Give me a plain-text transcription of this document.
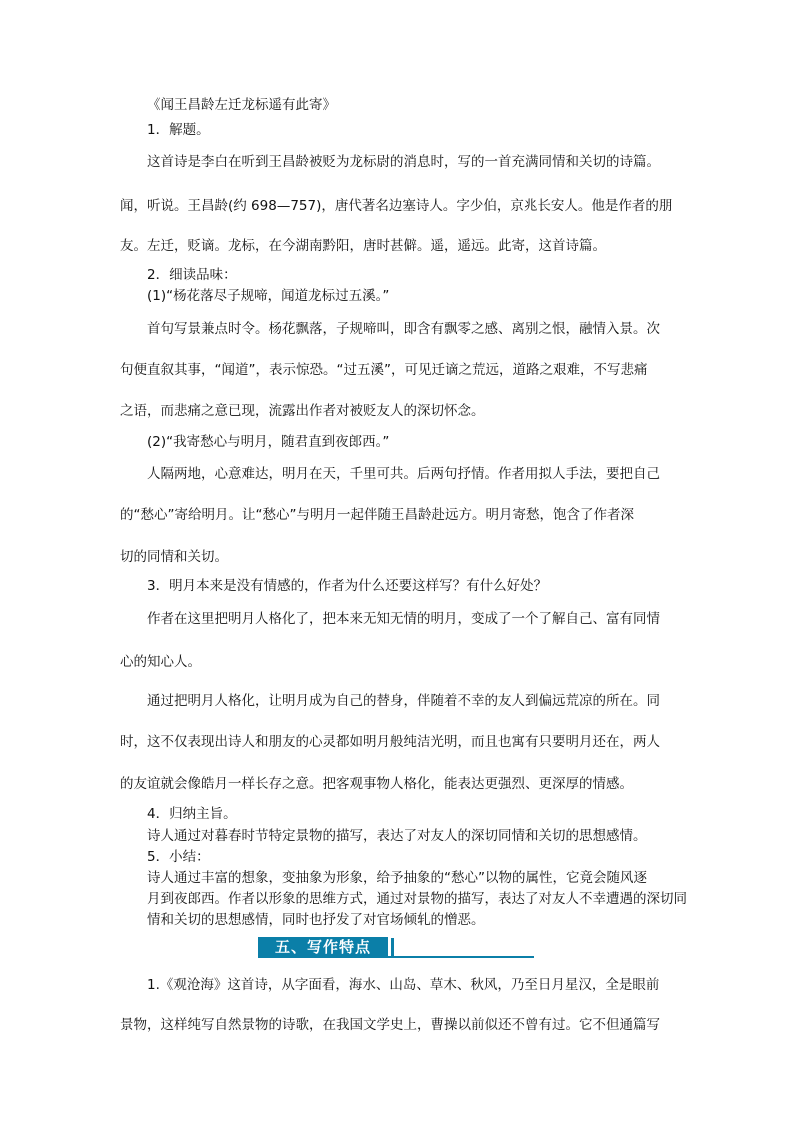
《闻王昌龄左迁龙标遥有此寄》
1．解题。
这首诗是李白在听到王昌龄被贬为龙标尉的消息时，写的一首充满同情和关切的诗篇。
闻，听说。王昌龄(约 698—757)，唐代著名边塞诗人。字少伯，京兆长安人。他是作者的朋
友。左迁，贬谪。龙标，在今湖南黔阳，唐时甚僻。遥，遥远。此寄，这首诗篇。
2．细读品味：
(1)“杨花落尽子规啼，闻道龙标过五溪。”
首句写景兼点时令。杨花飘落，子规啼叫，即含有飘零之感、离别之恨，融情入景。次
句便直叙其事，“闻道”，表示惊恐。“过五溪”，可见迁谪之荒远，道路之艰难，不写悲痛
之语，而悲痛之意已现，流露出作者对被贬友人的深切怀念。
(2)“我寄愁心与明月，随君直到夜郎西。”
人隔两地，心意难达，明月在天，千里可共。后两句抒情。作者用拟人手法，要把自己
的“愁心”寄给明月。让“愁心”与明月一起伴随王昌龄赴远方。明月寄愁，饱含了作者深
切的同情和关切。
3．明月本来是没有情感的，作者为什么还要这样写？有什么好处？
作者在这里把明月人格化了，把本来无知无情的明月，变成了一个了解自己、富有同情
心的知心人。
通过把明月人格化，让明月成为自己的替身，伴随着不幸的友人到偏远荒凉的所在。同
时，这不仅表现出诗人和朋友的心灵都如明月般纯洁光明，而且也寓有只要明月还在，两人
的友谊就会像皓月一样长存之意。把客观事物人格化，能表达更强烈、更深厚的情感。
4．归纳主旨。
诗人通过对暮春时节特定景物的描写，表达了对友人的深切同情和关切的思想感情。
5．小结：
诗人通过丰富的想象，变抽象为形象，给予抽象的“愁心”以物的属性，它竟会随风逐
月到夜郎西。作者以形象的思维方式，通过对景物的描写，表达了对友人不幸遭遇的深切同
情和关切的思想感情，同时也抒发了对官场倾轧的憎恶。
五、写作特点
1.《观沧海》这首诗，从字面看，海水、山岛、草木、秋风，乃至日月星汉，全是眼前
景物，这样纯写自然景物的诗歌，在我国文学史上，曹操以前似还不曾有过。它不但通篇写
